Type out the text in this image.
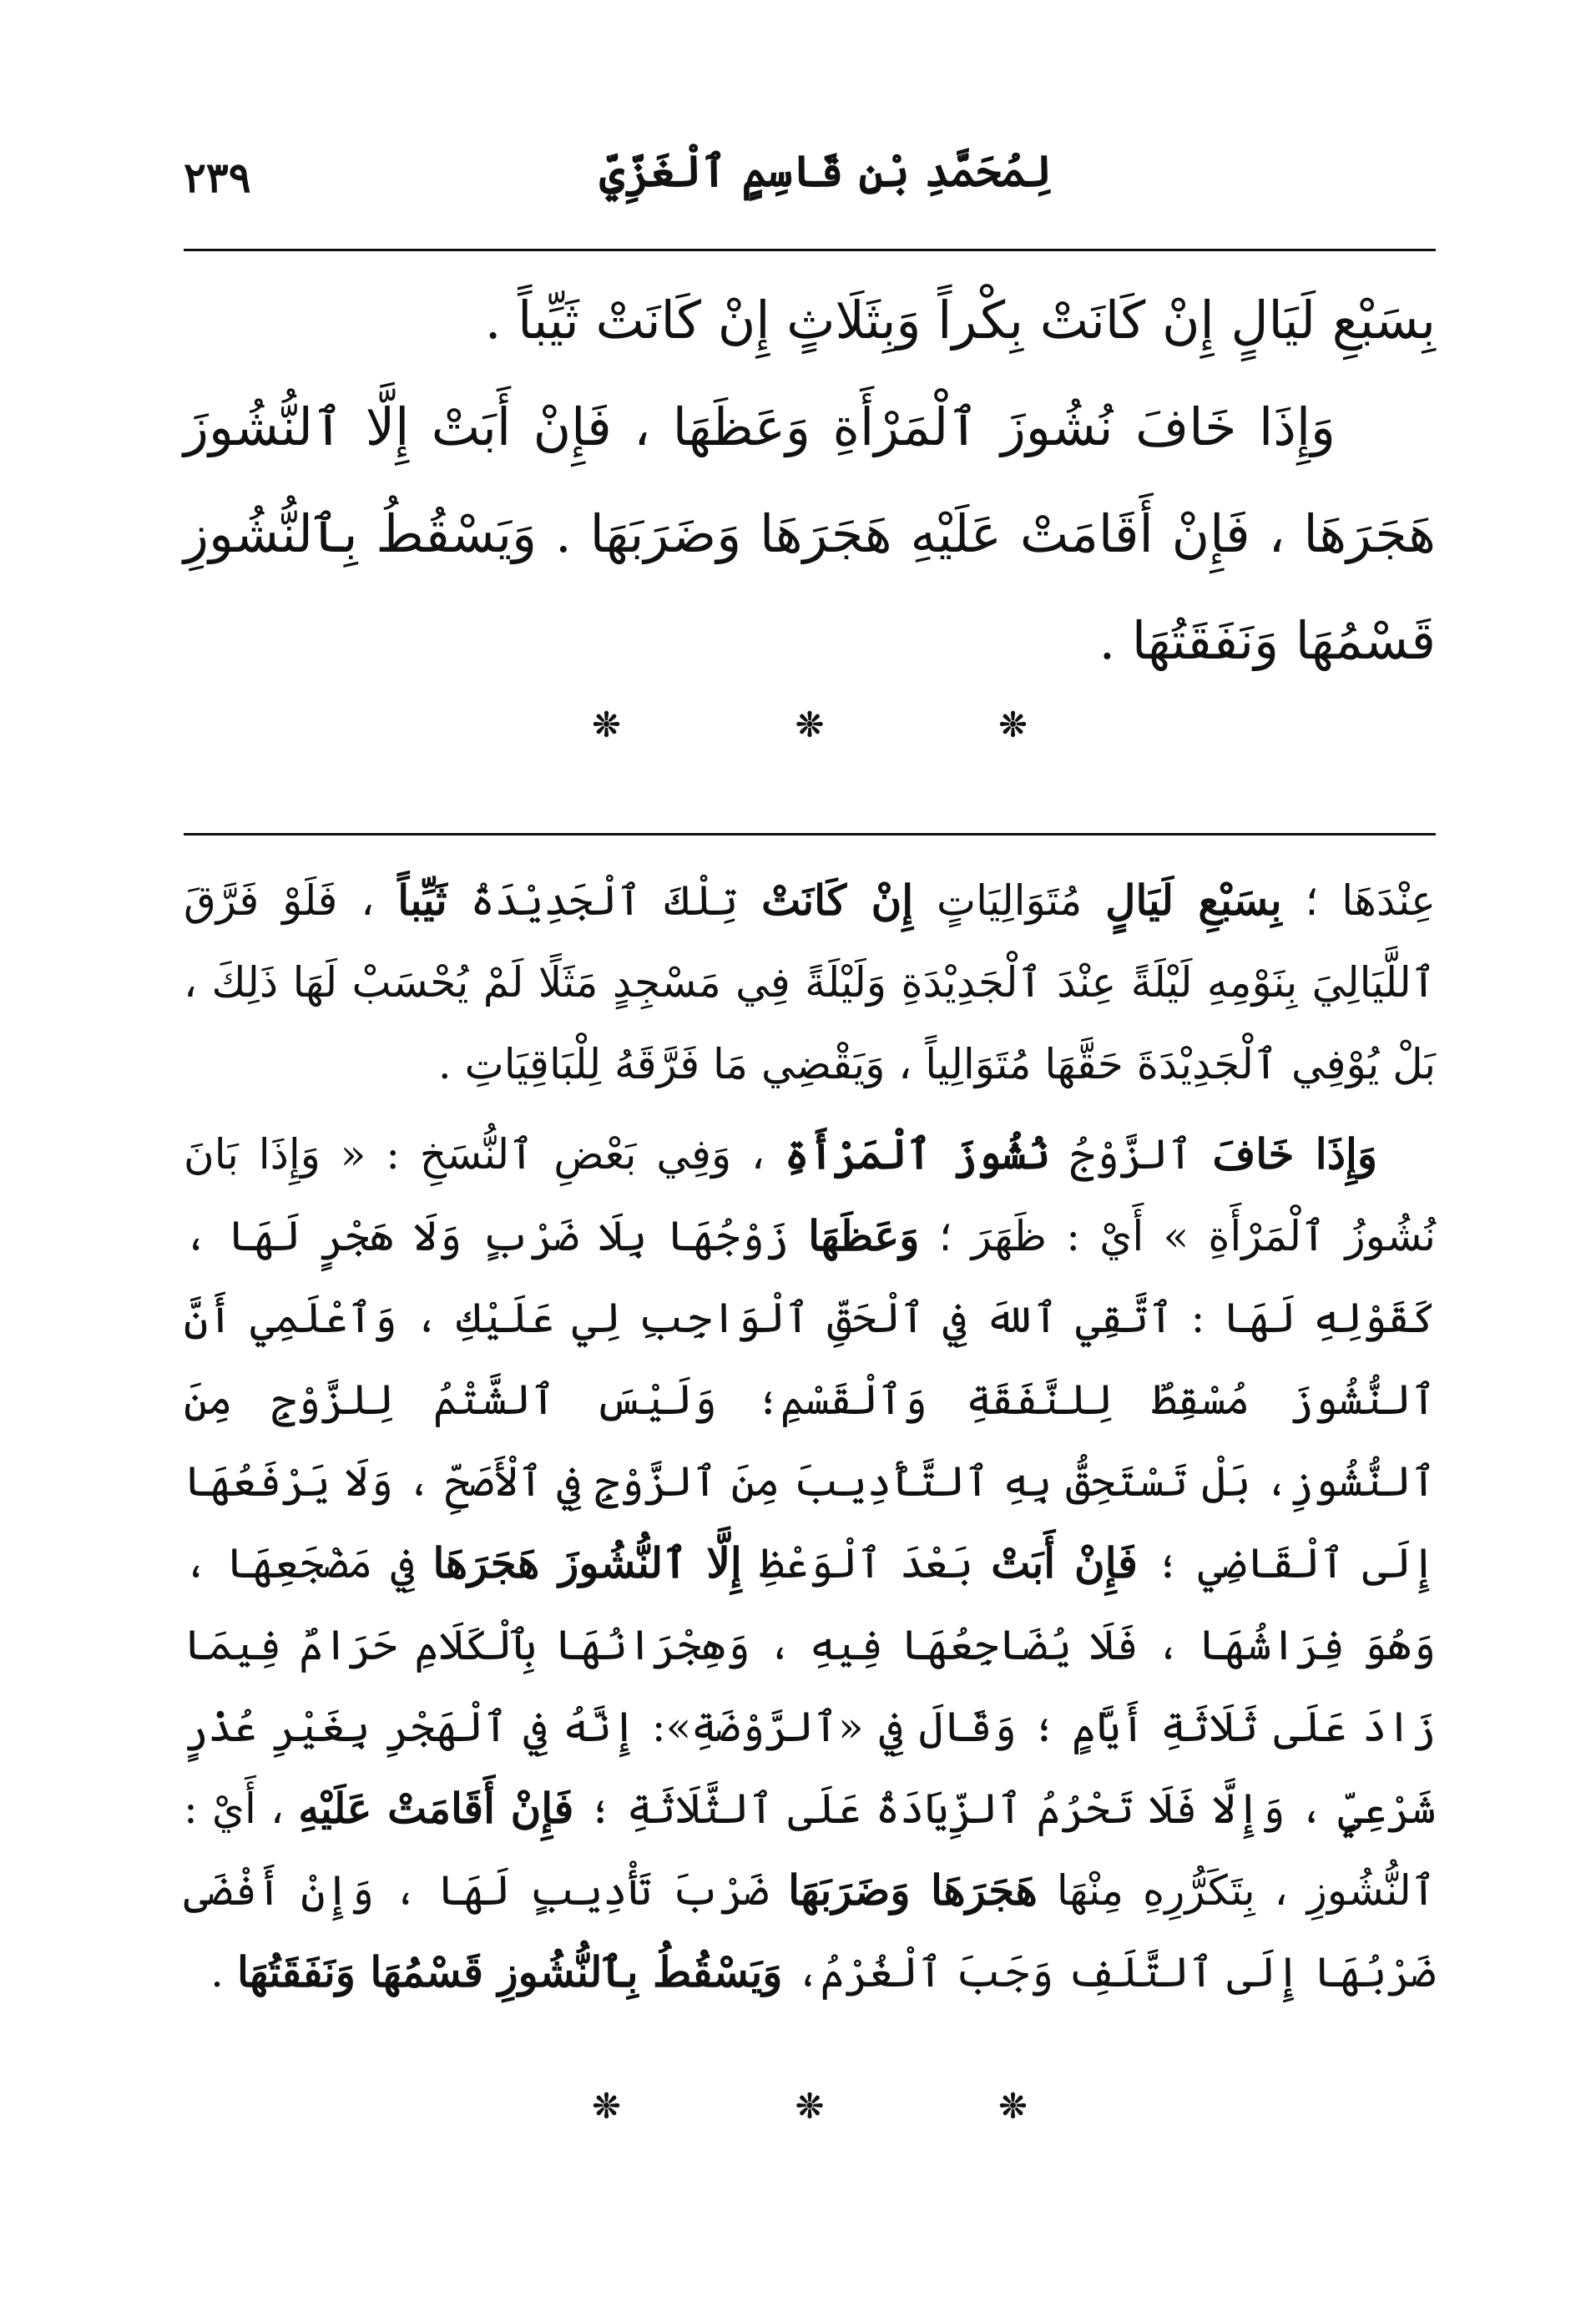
لِمُحَمَّدِ بْنِ قَاسِمٍ ٱلْغَزِّيِّ
٢٣٩

بِسَبْعِ لَيَالٍ إِنْ كَانَتْ بِكْراً وَبِثَلَاثٍ إِنْ كَانَتْ ثَيِّباً .

وَإِذَا خَافَ نُشُوزَ ٱلْمَرْأَةِ وَعَظَهَا ، فَإِنْ أَبَتْ إِلَّا ٱلنُّشُوزَ هَجَرَهَا ، فَإِنْ أَقَامَتْ عَلَيْهِ هَجَرَهَا وَضَرَبَهَا . وَيَسْقُطُ بِٱلنُّشُوزِ قَسْمُهَا وَنَفَقَتُهَا .

❊	❊	❊

عِنْدَهَا ؛ بِسَبْعِ لَيَالٍ مُتَوَالِيَاتٍ إِنْ كَانَتْ تِلْكَ ٱلْجَدِيْدَةُ ثَيِّباً ، فَلَوْ فَرَّقَ ٱللَّيَالِيَ بِنَوْمِهِ لَيْلَةً عِنْدَ ٱلْجَدِيْدَةِ وَلَيْلَةً فِي مَسْجِدٍ مَثَلًا لَمْ يُحْسَبْ لَهَا ذَلِكَ ، بَلْ يُوْفِي ٱلْجَدِيْدَةَ حَقَّهَا مُتَوَالِياً ، وَيَقْضِي مَا فَرَّقَهُ لِلْبَاقِيَاتِ .

وَإِذَا خَافَ ٱلزَّوْجُ نُشُوزَ ٱلْمَرْأَةِ ، وَفِي بَعْضِ ٱلنُّسَخِ : « وَإِذَا بَانَ نُشُوزُ ٱلْمَرْأَةِ » أَيْ : ظَهَرَ ؛ وَعَظَهَا زَوْجُهَا بِلَا ضَرْبٍ وَلَا هَجْرٍ لَهَا ، كَقَوْلِهِ لَهَا : ٱتَّقِي ٱللهَ فِي ٱلْحَقِّ ٱلْوَاجِبِ لِي عَلَيْكِ ، وَٱعْلَمِي أَنَّ ٱلنُّشُوزَ مُسْقِطٌ لِلنَّفَقَةِ وَٱلْقَسْمِ؛ وَلَيْسَ ٱلشَّتْمُ لِلزَّوْجِ مِنَ ٱلنُّشُوزِ، بَلْ تَسْتَحِقُّ بِهِ ٱلتَّأْدِيبَ مِنَ ٱلزَّوْجِ فِي ٱلْأَصَحِّ ، وَلَا يَرْفَعُهَا إِلَى ٱلْقَاضِي ؛ فَإِنْ أَبَتْ بَعْدَ ٱلْوَعْظِ إِلَّا ٱلنُّشُوزَ هَجَرَهَا فِي مَضْجَعِهَا ، وَهُوَ فِرَاشُهَا ، فَلَا يُضَاجِعُهَا فِيهِ ، وَهِجْرَانُهَا بِٱلْكَلَامِ حَرَامٌ فِيمَا زَادَ عَلَى ثَلَاثَةِ أَيَّامٍ ؛ وَقَالَ فِي «ٱلرَّوْضَةِ»: إِنَّهُ فِي ٱلْهَجْرِ بِغَيْرِ عُذْرٍ شَرْعِيٍّ ، وَإِلَّا فَلَا تَحْرُمُ ٱلزِّيَادَةُ عَلَى ٱلثَّلَاثَةِ ؛ فَإِنْ أَقَامَتْ عَلَيْهِ ، أَيْ : ٱلنُّشُوزِ ، بِتَكَرُّرِهِ مِنْهَا هَجَرَهَا وَضَرَبَهَا ضَرْبَ تَأْدِيبٍ لَهَا ، وَإِنْ أَفْضَى ضَرْبُهَا إِلَى ٱلتَّلَفِ وَجَبَ ٱلْغُرْمُ، وَيَسْقُطُ بِٱلنُّشُوزِ قَسْمُهَا وَنَفَقَتُهَا .

❊	❊	❊
